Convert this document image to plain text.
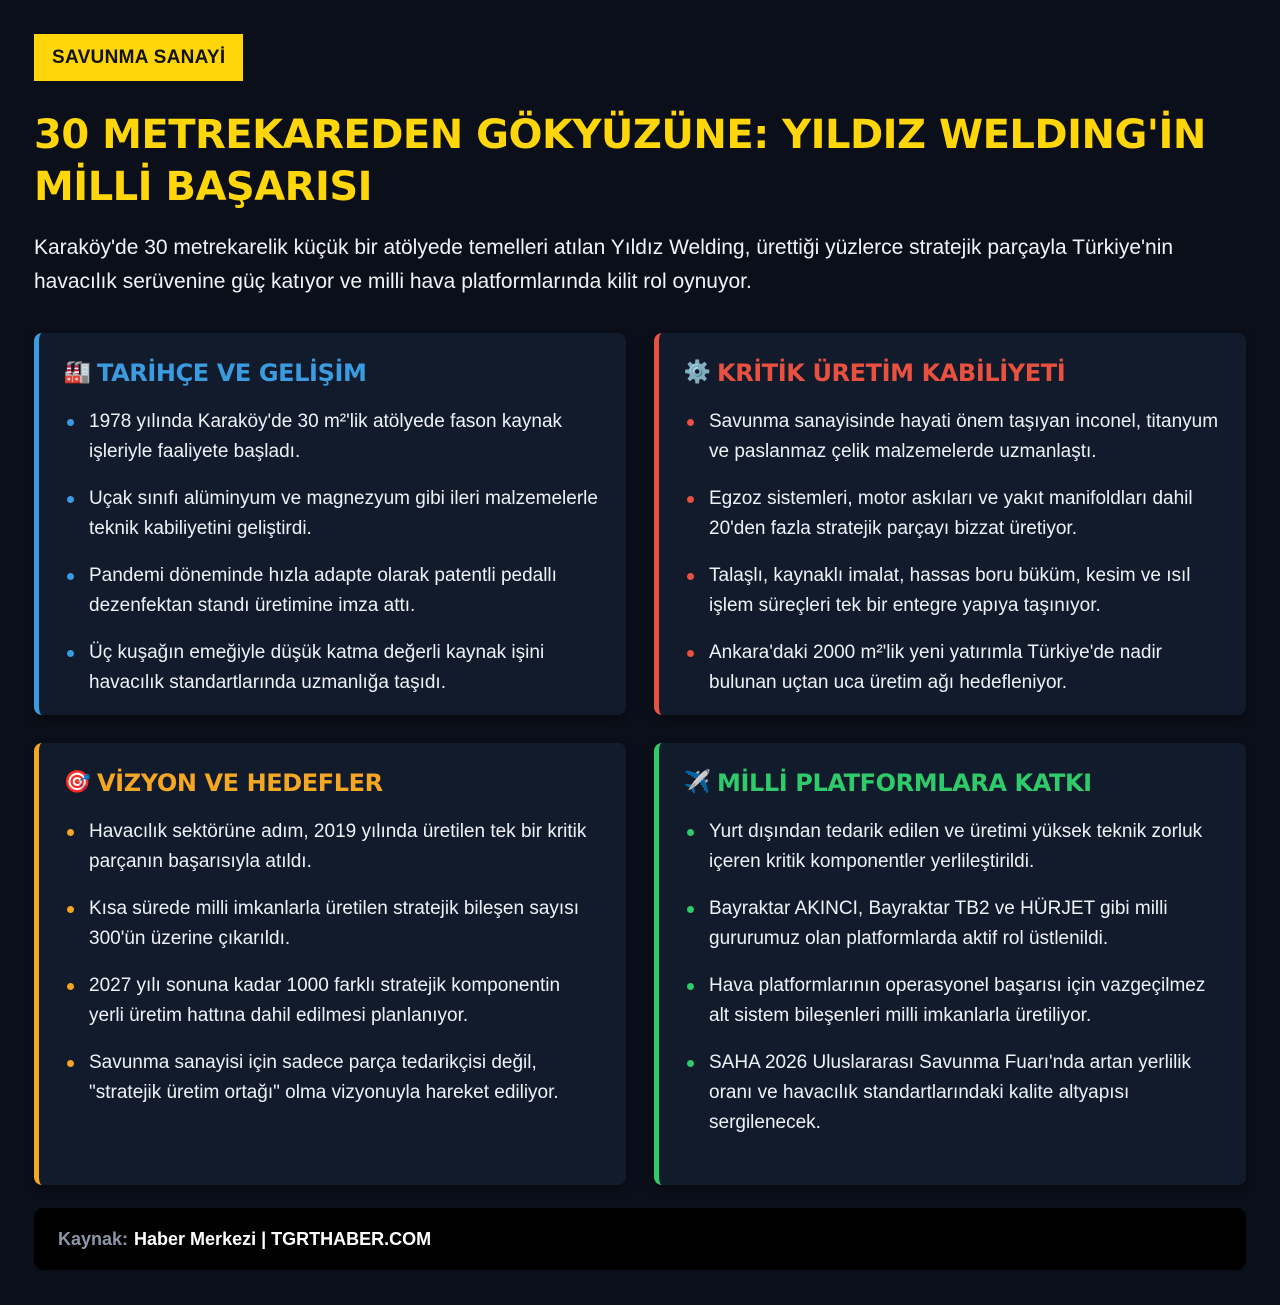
SAVUNMA SANAYİ
30 METREKAREDEN GÖKYÜZÜNE: YILDIZ WELDING'İN MİLLİ BAŞARISI

Karaköy'de 30 metrekarelik küçük bir atölyede temelleri atılan Yıldız Welding, ürettiği yüzlerce stratejik parçayla Türkiye'nin havacılık serüvenine güç katıyor ve milli hava platformlarında kilit rol oynuyor.

🏭 TARİHÇE VE GELİŞİM
1978 yılında Karaköy'de 30 m²'lik atölyede fason kaynak işleriyle faaliyete başladı.
Uçak sınıfı alüminyum ve magnezyum gibi ileri malzemelerle teknik kabiliyetini geliştirdi.
Pandemi döneminde hızla adapte olarak patentli pedallı dezenfektan standı üretimine imza attı.
Üç kuşağın emeğiyle düşük katma değerli kaynak işini havacılık standartlarında uzmanlığa taşıdı.
⚙️ KRİTİK ÜRETİM KABİLİYETİ
Savunma sanayisinde hayati önem taşıyan inconel, titanyum ve paslanmaz çelik malzemelerde uzmanlaştı.
Egzoz sistemleri, motor askıları ve yakıt manifoldları dahil 20'den fazla stratejik parçayı bizzat üretiyor.
Talaşlı, kaynaklı imalat, hassas boru büküm, kesim ve ısıl işlem süreçleri tek bir entegre yapıya taşınıyor.
Ankara'daki 2000 m²'lik yeni yatırımla Türkiye'de nadir bulunan uçtan uca üretim ağı hedefleniyor.
🎯 VİZYON VE HEDEFLER
Havacılık sektörüne adım, 2019 yılında üretilen tek bir kritik parçanın başarısıyla atıldı.
Kısa sürede milli imkanlarla üretilen stratejik bileşen sayısı 300'ün üzerine çıkarıldı.
2027 yılı sonuna kadar 1000 farklı stratejik komponentin yerli üretim hattına dahil edilmesi planlanıyor.
Savunma sanayisi için sadece parça tedarikçisi değil, "stratejik üretim ortağı" olma vizyonuyla hareket ediliyor.
✈️ MİLLİ PLATFORMLARA KATKI
Yurt dışından tedarik edilen ve üretimi yüksek teknik zorluk içeren kritik komponentler yerlileştirildi.
Bayraktar AKINCI, Bayraktar TB2 ve HÜRJET gibi milli gururumuz olan platformlarda aktif rol üstlenildi.
Hava platformlarının operasyonel başarısı için vazgeçilmez alt sistem bileşenleri milli imkanlarla üretiliyor.
SAHA 2026 Uluslararası Savunma Fuarı'nda artan yerlilik oranı ve havacılık standartlarındaki kalite altyapısı sergilenecek.
Kaynak: Haber Merkezi | TGRTHABER.COM
